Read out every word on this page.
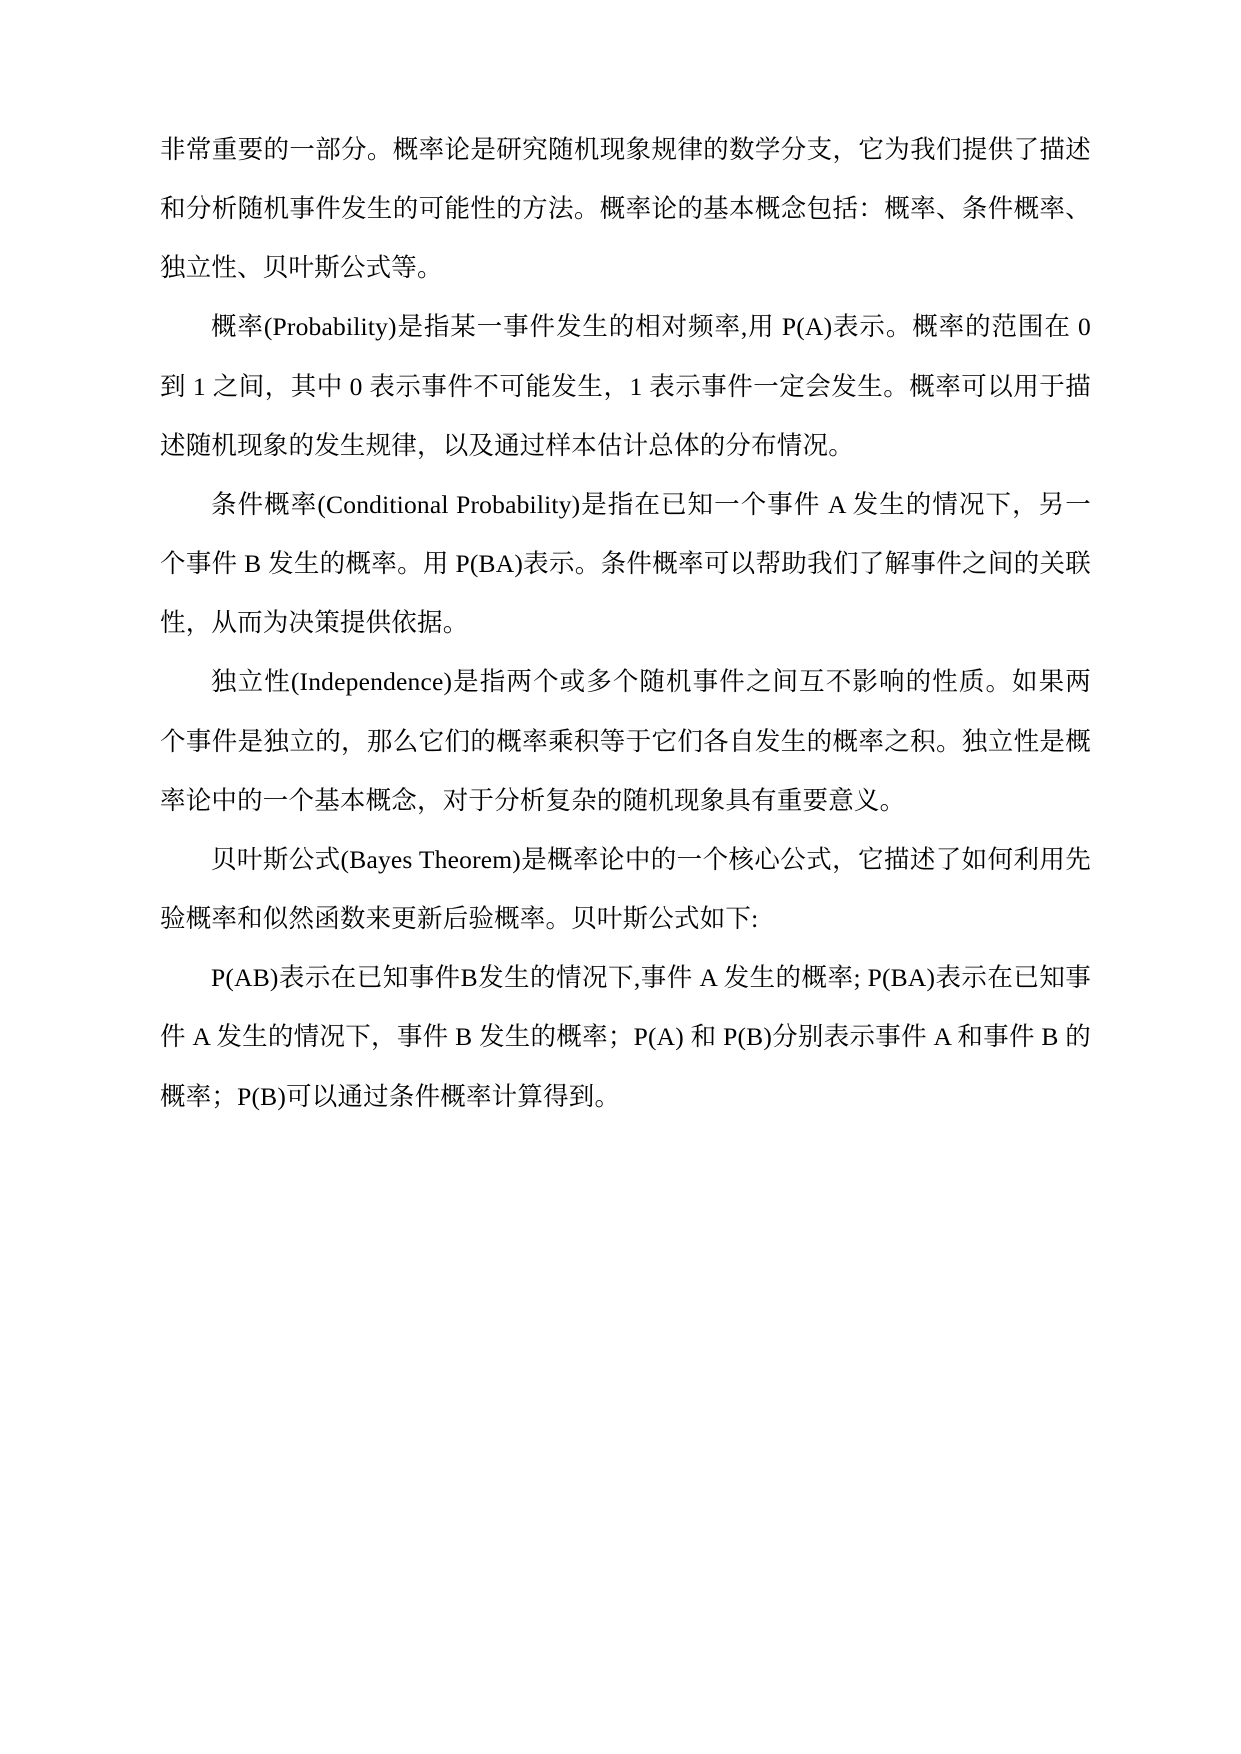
非常重要的一部分。概率论是研究随机现象规律的数学分支，它为我们提供了描述和分析随机事件发生的可能性的方法。概率论的基本概念包括：概率、条件概率、独立性、贝叶斯公式等。

概率(Probability)是指某一事件发生的相对频率,用 P(A)表示。概率的范围在 0 到 1 之间，其中 0 表示事件不可能发生，1 表示事件一定会发生。概率可以用于描述随机现象的发生规律，以及通过样本估计总体的分布情况。

条件概率(Conditional Probability)是指在已知一个事件 A 发生的情况下，另一个事件 B 发生的概率。用 P(BA)表示。条件概率可以帮助我们了解事件之间的关联性，从而为决策提供依据。

独立性(Independence)是指两个或多个随机事件之间互不影响的性质。如果两个事件是独立的，那么它们的概率乘积等于它们各自发生的概率之积。独立性是概率论中的一个基本概念，对于分析复杂的随机现象具有重要意义。

贝叶斯公式(Bayes Theorem)是概率论中的一个核心公式，它描述了如何利用先验概率和似然函数来更新后验概率。贝叶斯公式如下:

P(AB)表示在已知事件B发生的情况下,事件 A 发生的概率; P(BA)表示在已知事件 A 发生的情况下，事件 B 发生的概率；P(A) 和 P(B)分别表示事件 A 和事件 B 的概率；P(B)可以通过条件概率计算得到。
